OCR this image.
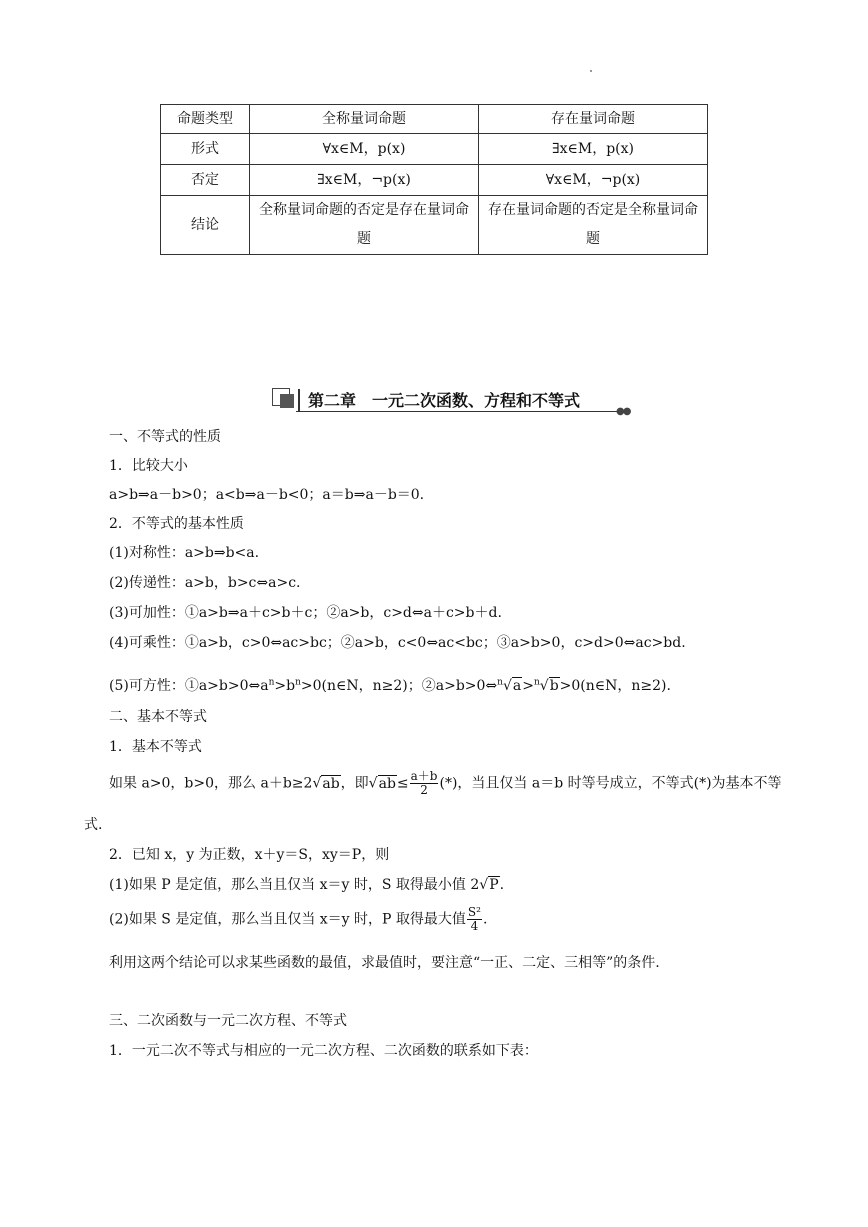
命题类型	全称量词命题	存在量词命题
形式	∀x∈M，p(x)	∃x∈M，p(x)
否定	∃x∈M，¬p(x)	∀x∈M，¬p(x)
结论	全称量词命题的否定是存在量词命题	存在量词命题的否定是全称量词命题
第二章　一元二次函数、方程和不等式
●●
一、不等式的性质
1．比较大小
a>b⇒a－b>0；a<b⇒a－b<0；a＝b⇒a－b＝0.
2．不等式的基本性质
(1)对称性：a>b⇒b<a.
(2)传递性：a>b，b>c⇔a>c.
(3)可加性：①a>b⇒a＋c>b＋c；②a>b，c>d⇔a＋c>b＋d.
(4)可乘性：①a>b，c>0⇔ac>bc；②a>b，c<0⇔ac<bc；③a>b>0，c>d>0⇔ac>bd.
(5)可方性：$①a>b>0\Leftrightarrow a^n>b^n>0(n\in N$，n≥2)；②a>b>0⇔$^n$√a>$^n$√b>0(n∈N，n≥2).
二、基本不等式
1．基本不等式
如果 a>0，b>0，那么 a＋b≥2√ab，即$√ab\le \frac{a+b}{2}$ (*)，当且仅当 a＝b 时等号成立，不等式(*)为基本不等
式.
2．已知 x，y 为正数，x＋y＝S，xy＝P，则
(1)如果 P 是定值，那么当且仅当 x＝y 时，S 取得最小值 2√P.
(2)如果 S 是定值，那么当且仅当 x＝y 时，P 取得最大值 $\frac{\text{S²}}{4}$ .
利用这两个结论可以求某些函数的最值，求最值时，要注意“一正、二定、三相等”的条件.
三、二次函数与一元二次方程、不等式
1．一元二次不等式与相应的一元二次方程、二次函数的联系如下表：
